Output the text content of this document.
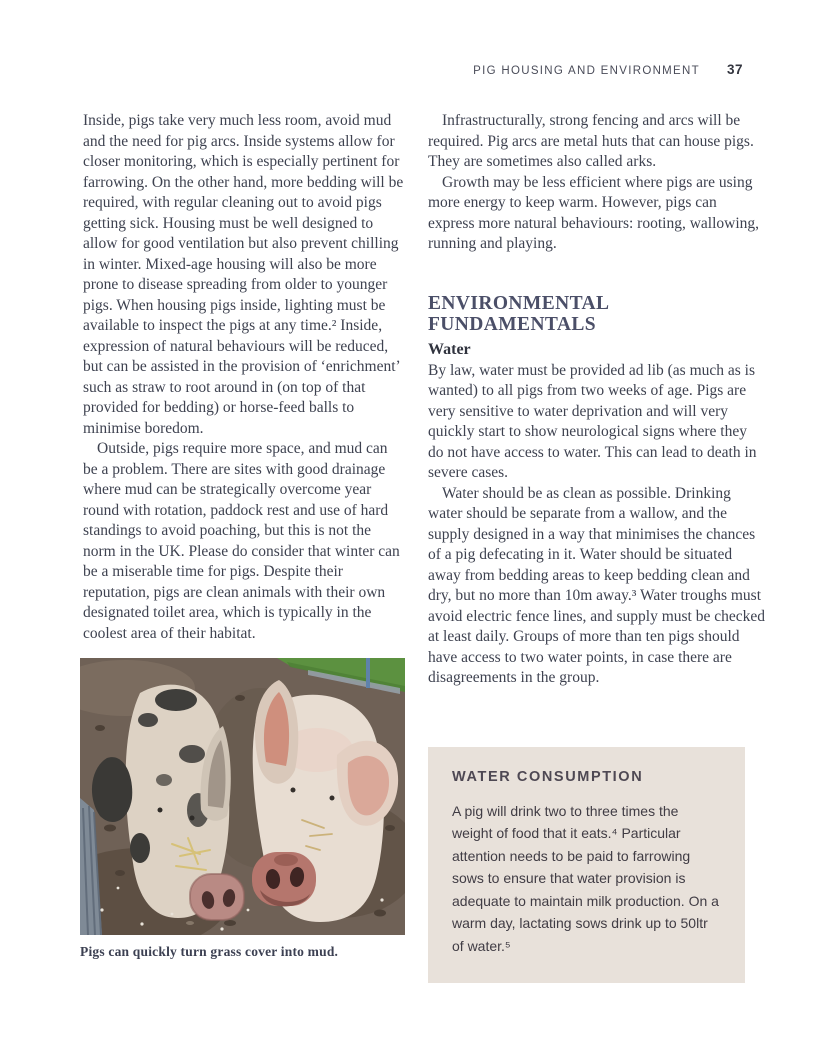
PIG HOUSING AND ENVIRONMENT 37

Inside, pigs take very much less room, avoid mud and the need for pig arcs. Inside systems allow for closer monitoring, which is especially pertinent for farrowing. On the other hand, more bedding will be required, with regular cleaning out to avoid pigs getting sick. Housing must be well designed to allow for good ventilation but also prevent chilling in winter. Mixed-age housing will also be more prone to disease spreading from older to younger pigs. When housing pigs inside, lighting must be available to inspect the pigs at any time.² Inside, expression of natural behaviours will be reduced, but can be assisted in the provision of ‘enrichment’ such as straw to root around in (on top of that provided for bedding) or horse-feed balls to minimise boredom.

Outside, pigs require more space, and mud can be a problem. There are sites with good drainage where mud can be strategically overcome year round with rotation, paddock rest and use of hard standings to avoid poaching, but this is not the norm in the UK. Please do consider that winter can be a miserable time for pigs. Despite their reputation, pigs are clean animals with their own designated toilet area, which is typically in the coolest area of their habitat.

Pigs can quickly turn grass cover into mud.

Infrastructurally, strong fencing and arcs will be required. Pig arcs are metal huts that can house pigs. They are sometimes also called arks.

Growth may be less efficient where pigs are using more energy to keep warm. However, pigs can express more natural behaviours: rooting, wallowing, running and playing.

ENVIRONMENTAL FUNDAMENTALS
Water

By law, water must be provided ad lib (as much as is wanted) to all pigs from two weeks of age. Pigs are very sensitive to water deprivation and will very quickly start to show neurological signs where they do not have access to water. This can lead to death in severe cases.

Water should be as clean as possible. Drinking water should be separate from a wallow, and the supply designed in a way that minimises the chances of a pig defecating in it. Water should be situated away from bedding areas to keep bedding clean and dry, but no more than 10m away.³ Water troughs must avoid electric fence lines, and supply must be checked at least daily. Groups of more than ten pigs should have access to two water points, in case there are disagreements in the group.

WATER CONSUMPTION

A pig will drink two to three times the weight of food that it eats.⁴ Particular attention needs to be paid to farrowing sows to ensure that water provision is adequate to maintain milk production. On a warm day, lactating sows drink up to 50ltr of water.⁵
